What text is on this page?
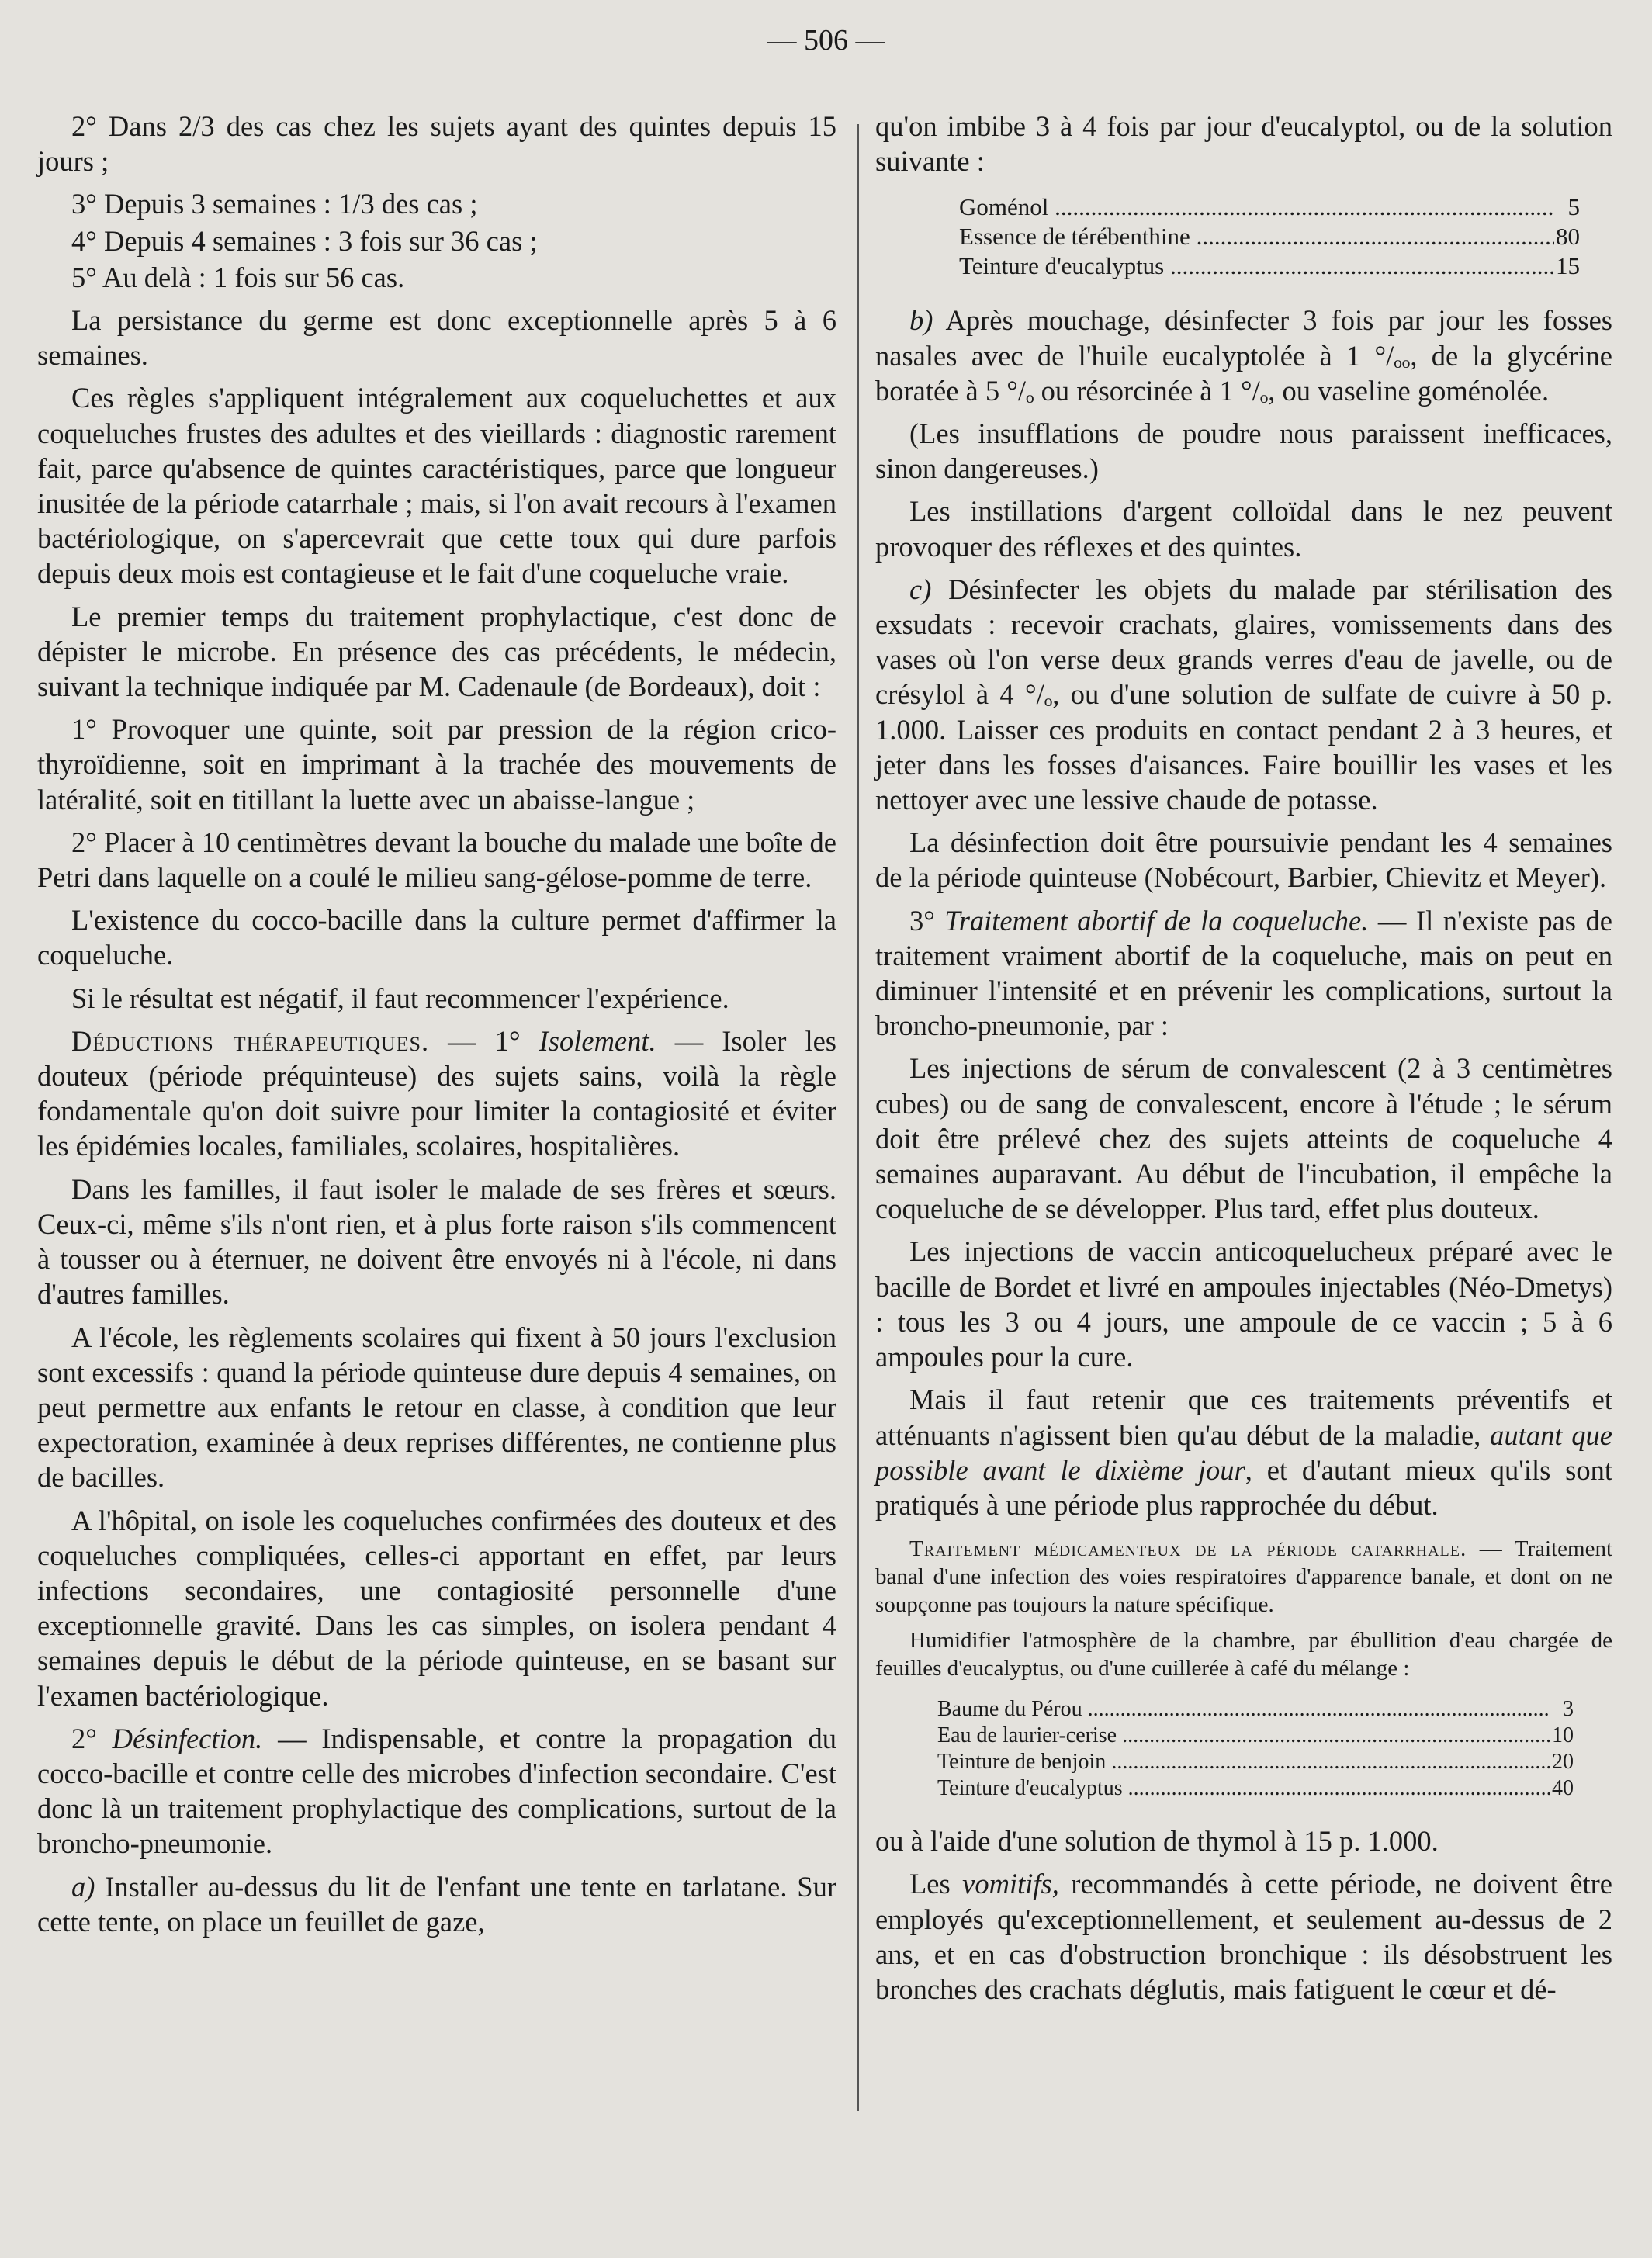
— 506 —

2° Dans 2/3 des cas chez les sujets ayant des quintes depuis 15 jours ;

3° Depuis 3 semaines : 1/3 des cas ;

4° Depuis 4 semaines : 3 fois sur 36 cas ;

5° Au delà : 1 fois sur 56 cas.

La persistance du germe est donc exceptionnelle après 5 à 6 semaines.

Ces règles s'appliquent intégralement aux coqueluchettes et aux coqueluches frustes des adultes et des vieillards : diagnostic rarement fait, parce qu'absence de quintes caractéristiques, parce que longueur inusitée de la période catarrhale ; mais, si l'on avait recours à l'examen bactériologique, on s'apercevrait que cette toux qui dure parfois depuis deux mois est contagieuse et le fait d'une coqueluche vraie.

Le premier temps du traitement prophylactique, c'est donc de dépister le microbe. En présence des cas précédents, le médecin, suivant la technique indiquée par M. Cadenaule (de Bordeaux), doit :

1° Provoquer une quinte, soit par pression de la région crico-thyroïdienne, soit en imprimant à la trachée des mouvements de latéralité, soit en titillant la luette avec un abaisse-langue ;

2° Placer à 10 centimètres devant la bouche du malade une boîte de Petri dans laquelle on a coulé le milieu sang-gélose-pomme de terre.

L'existence du cocco-bacille dans la culture permet d'affirmer la coqueluche.

Si le résultat est négatif, il faut recommencer l'expérience.

Déductions thérapeutiques. — 1° Isolement. — Isoler les douteux (période préquinteuse) des sujets sains, voilà la règle fondamentale qu'on doit suivre pour limiter la contagiosité et éviter les épidémies locales, familiales, scolaires, hospitalières.

Dans les familles, il faut isoler le malade de ses frères et sœurs. Ceux-ci, même s'ils n'ont rien, et à plus forte raison s'ils commencent à tousser ou à éternuer, ne doivent être envoyés ni à l'école, ni dans d'autres familles.

A l'école, les règlements scolaires qui fixent à 50 jours l'exclusion sont excessifs : quand la période quinteuse dure depuis 4 semaines, on peut permettre aux enfants le retour en classe, à condition que leur expectoration, examinée à deux reprises différentes, ne contienne plus de bacilles.

A l'hôpital, on isole les coqueluches confirmées des douteux et des coqueluches compliquées, celles-ci apportant en effet, par leurs infections secondaires, une contagiosité personnelle d'une exceptionnelle gravité. Dans les cas simples, on isolera pendant 4 semaines depuis le début de la période quinteuse, en se basant sur l'examen bactériologique.

2° Désinfection. — Indispensable, et contre la propagation du cocco-bacille et contre celle des microbes d'infection secondaire. C'est donc là un traitement prophylactique des complications, surtout de la broncho-pneumonie.

a) Installer au-dessus du lit de l'enfant une tente en tarlatane. Sur cette tente, on place un feuillet de gaze,

qu'on imbibe 3 à 4 fois par jour d'eucalyptol, ou de la solution suivante :

Goménol .....	5
Essence de térébenthine .....	80
Teinture d'eucalyptus .....	15

b) Après mouchage, désinfecter 3 fois par jour les fosses nasales avec de l'huile eucalyptolée à 1 °/ₒₒ, de la glycérine boratée à 5 °/ₒ ou résorcinée à 1 °/ₒ, ou vaseline goménolée.

(Les insufflations de poudre nous paraissent inefficaces, sinon dangereuses.)

Les instillations d'argent colloïdal dans le nez peuvent provoquer des réflexes et des quintes.

c) Désinfecter les objets du malade par stérilisation des exsudats : recevoir crachats, glaires, vomissements dans des vases où l'on verse deux grands verres d'eau de javelle, ou de crésylol à 4 °/ₒ, ou d'une solution de sulfate de cuivre à 50 p. 1.000. Laisser ces produits en contact pendant 2 à 3 heures, et jeter dans les fosses d'aisances. Faire bouillir les vases et les nettoyer avec une lessive chaude de potasse.

La désinfection doit être poursuivie pendant les 4 semaines de la période quinteuse (Nobécourt, Barbier, Chievitz et Meyer).

3° Traitement abortif de la coqueluche. — Il n'existe pas de traitement vraiment abortif de la coqueluche, mais on peut en diminuer l'intensité et en prévenir les complications, surtout la broncho-pneumonie, par :

Les injections de sérum de convalescent (2 à 3 centimètres cubes) ou de sang de convalescent, encore à l'étude ; le sérum doit être prélevé chez des sujets atteints de coqueluche 4 semaines auparavant. Au début de l'incubation, il empêche la coqueluche de se développer. Plus tard, effet plus douteux.

Les injections de vaccin anticoquelucheux préparé avec le bacille de Bordet et livré en ampoules injectables (Néo-Dmetys) : tous les 3 ou 4 jours, une ampoule de ce vaccin ; 5 à 6 ampoules pour la cure.

Mais il faut retenir que ces traitements préventifs et atténuants n'agissent bien qu'au début de la maladie, autant que possible avant le dixième jour, et d'autant mieux qu'ils sont pratiqués à une période plus rapprochée du début.

Traitement médicamenteux de la période catarrhale. — Traitement banal d'une infection des voies respiratoires d'apparence banale, et dont on ne soupçonne pas toujours la nature spécifique.

Humidifier l'atmosphère de la chambre, par ébullition d'eau chargée de feuilles d'eucalyptus, ou d'une cuillerée à café du mélange :

Baume du Pérou .....	3
Eau de laurier-cerise .....	10
Teinture de benjoin .....	20
Teinture d'eucalyptus .....	40

ou à l'aide d'une solution de thymol à 15 p. 1.000.

Les vomitifs, recommandés à cette période, ne doivent être employés qu'exceptionnellement, et seulement au-dessus de 2 ans, et en cas d'obstruction bronchique : ils désobstruent les bronches des crachats déglutis, mais fatiguent le cœur et dé-
